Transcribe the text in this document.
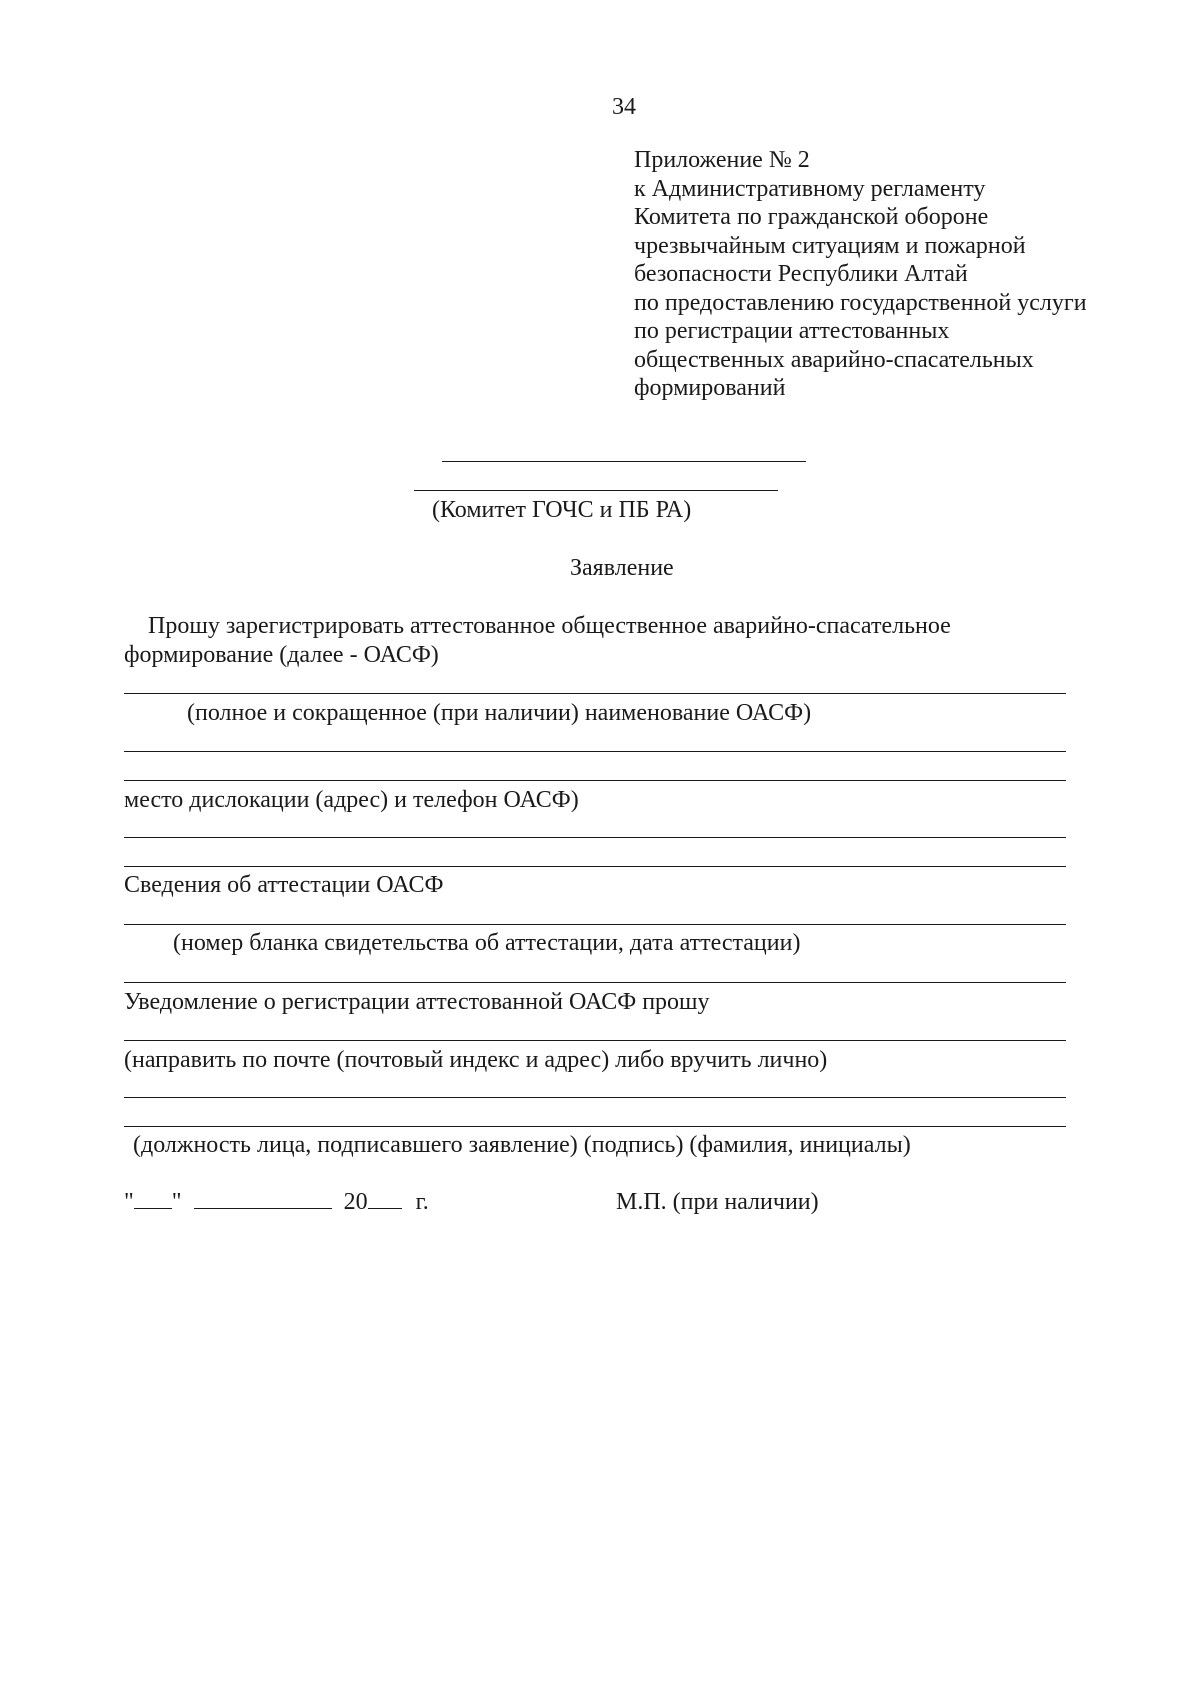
34
Приложение № 2
к Административному регламенту
Комитета по гражданской обороне
чрезвычайным ситуациям и пожарной
безопасности Республики Алтай
по предоставлению государственной услуги
по регистрации аттестованных
общественных аварийно-спасательных
формирований
(Комитет ГОЧС и ПБ РА)
Заявление
Прошу зарегистрировать аттестованное общественное аварийно-спасательное
формирование (далее - ОАСФ)
(полное и сокращенное (при наличии) наименование ОАСФ)
место дислокации (адрес) и телефон ОАСФ)
Сведения об аттестации ОАСФ
(номер бланка свидетельства об аттестации, дата аттестации)
Уведомление о регистрации аттестованной ОАСФ прошу
(направить по почте (почтовый индекс и адрес) либо вручить лично)
(должность лица, подписавшего заявление) (подпись) (фамилия, инициалы)
" "	20 г.	М.П. (при наличии)
